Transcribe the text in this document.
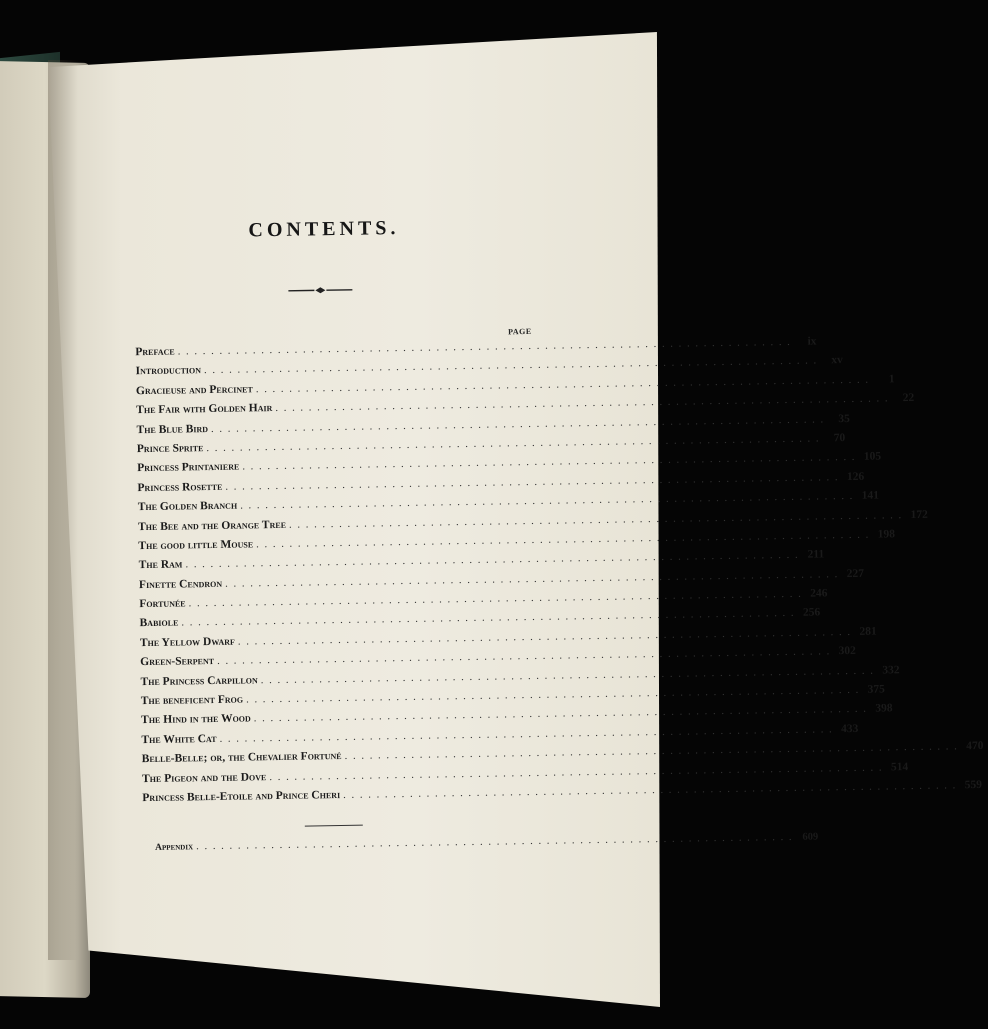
CONTENTS.
PAGE
Preface ..........................................................................	ix
Introduction .......................................................................... xv
Gracieuse and Percinet ..........................................................................	1
The Fair with Golden Hair .......................................................................... 22
The Blue Bird .......................................................................... 35
Prince Sprite .......................................................................... 70
Princess Printaniere .......................................................................... 105
Princess Rosette .......................................................................... 126
The Golden Branch .......................................................................... 141
The Bee and the Orange Tree .......................................................................... 172
The good little Mouse .......................................................................... 198
The Ram .......................................................................... 211
Finette Cendron .......................................................................... 227
Fortunée .......................................................................... 246
Babiole .......................................................................... 256
The Yellow Dwarf .......................................................................... 281
Green-Serpent .......................................................................... 302
The Princess Carpillon .......................................................................... 332
The beneficent Frog .......................................................................... 375
The Hind in the Wood .......................................................................... 398
The White Cat .......................................................................... 433
Belle-Belle; or, the Chevalier Fortuné .......................................................................... 470
The Pigeon and the Dove .......................................................................... 514
Princess Belle-Etoile and Prince Cheri .......................................................................... 559
Appendix ........................................................................ 609
